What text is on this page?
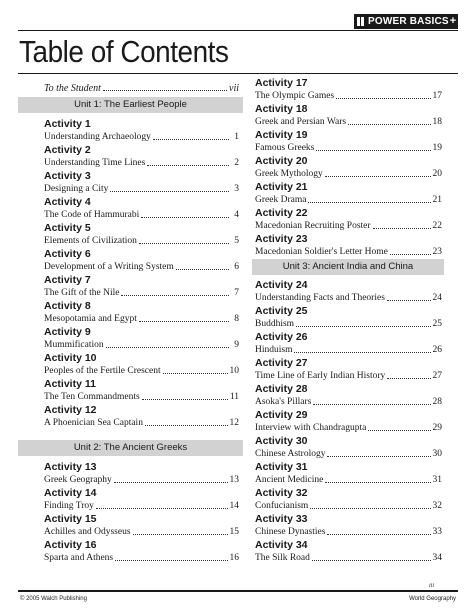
POWER BASICS +
Table of Contents
To the Student	vii
Unit 1: The Earliest People
Activity 1
Understanding Archaeology	1
Activity 2
Understanding Time Lines	2
Activity 3
Designing a City	3
Activity 4
The Code of Hammurabi	4
Activity 5
Elements of Civilization	5
Activity 6
Development of a Writing System	6
Activity 7
The Gift of the Nile	7
Activity 8
Mesopotamia and Egypt	8
Activity 9
Mummification	9
Activity 10
Peoples of the Fertile Crescent	10
Activity 11
The Ten Commandments	11
Activity 12
A Phoenician Sea Captain	12
Unit 2: The Ancient Greeks
Activity 13
Greek Geography	13
Activity 14
Finding Troy	14
Activity 15
Achilles and Odysseus	15
Activity 16
Sparta and Athens	16
Activity 17
The Olympic Games	17
Activity 18
Greek and Persian Wars	18
Activity 19
Famous Greeks	19
Activity 20
Greek Mythology	20
Activity 21
Greek Drama	21
Activity 22
Macedonian Recruiting Poster	22
Activity 23
Macedonian Soldier's Letter Home	23
Unit 3: Ancient India and China
Activity 24
Understanding Facts and Theories	24
Activity 25
Buddhism	25
Activity 26
Hinduism	26
Activity 27
Time Line of Early Indian History	27
Activity 28
Asoka's Pillars	28
Activity 29
Interview with Chandragupta	29
Activity 30
Chinese Astrology	30
Activity 31
Ancient Medicine	31
Activity 32
Confucianism	32
Activity 33
Chinese Dynasties	33
Activity 34
The Silk Road	34
iii
© 2005 Walch Publishing	World Geography
